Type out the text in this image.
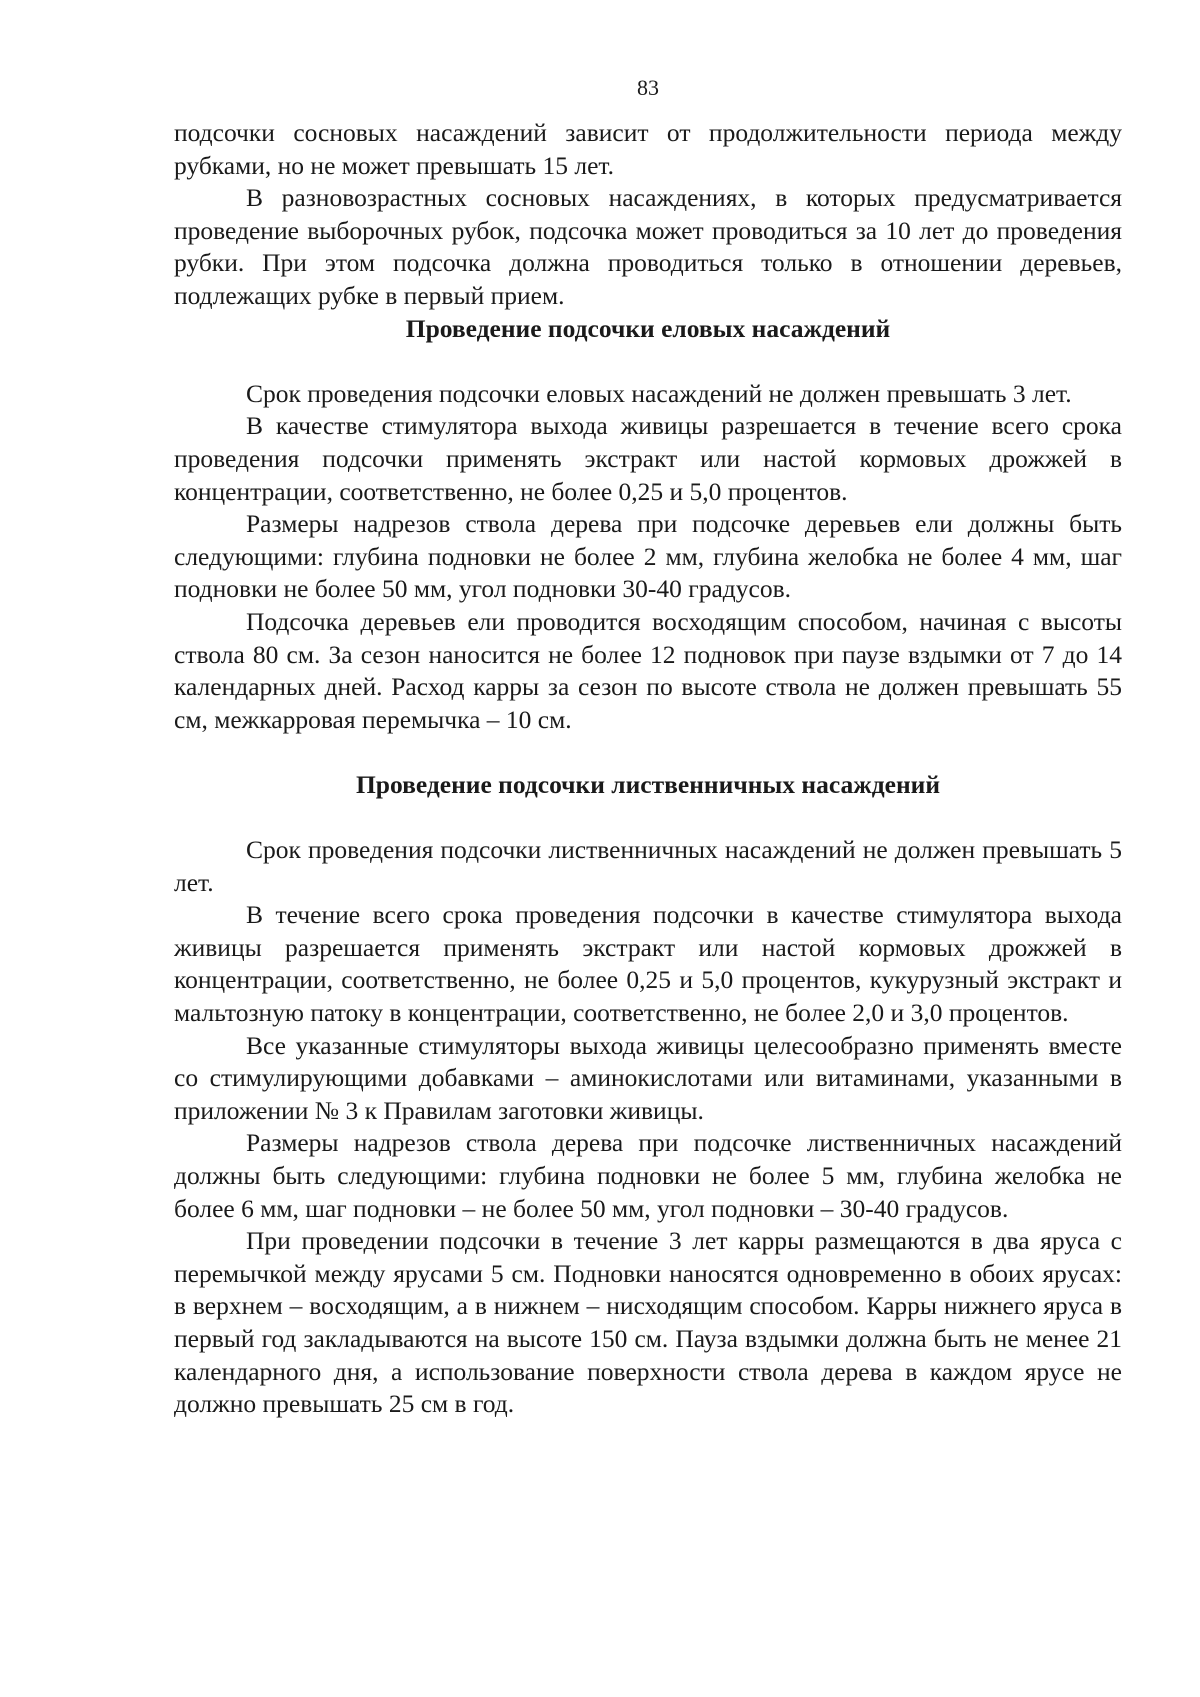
83

подсочки сосновых насаждений зависит от продолжительности периода между рубками, но не может превышать 15 лет.

В разновозрастных сосновых насаждениях, в которых предусматривается проведение выборочных рубок, подсочка может проводиться за 10 лет до проведения рубки. При этом подсочка должна проводиться только в отношении деревьев, подлежащих рубке в первый прием.

Проведение подсочки еловых насаждений

Срок проведения подсочки еловых насаждений не должен превышать 3 лет.

В качестве стимулятора выхода живицы разрешается в течение всего срока проведения подсочки применять экстракт или настой кормовых дрожжей в концентрации, соответственно, не более 0,25 и 5,0 процентов.

Размеры надрезов ствола дерева при подсочке деревьев ели должны быть следующими: глубина подновки не более 2 мм, глубина желобка не более 4 мм, шаг подновки не более 50 мм, угол подновки 30-40 градусов.

Подсочка деревьев ели проводится восходящим способом, начиная с высоты ствола 80 см. За сезон наносится не более 12 подновок при паузе вздымки от 7 до 14 календарных дней. Расход карры за сезон по высоте ствола не должен превышать 55 см, межкарровая перемычка – 10 см.

Проведение подсочки лиственничных насаждений

Срок проведения подсочки лиственничных насаждений не должен превышать 5 лет.

В течение всего срока проведения подсочки в качестве стимулятора выхода живицы разрешается применять экстракт или настой кормовых дрожжей в концентрации, соответственно, не более 0,25 и 5,0 процентов, кукурузный экстракт и мальтозную патоку в концентрации, соответственно, не более 2,0 и 3,0 процентов.

Все указанные стимуляторы выхода живицы целесообразно применять вместе со стимулирующими добавками – аминокислотами или витаминами, указанными в приложении № 3 к Правилам заготовки живицы.

Размеры надрезов ствола дерева при подсочке лиственничных насаждений должны быть следующими: глубина подновки не более 5 мм, глубина желобка не более 6 мм, шаг подновки – не более 50 мм, угол подновки – 30-40 градусов.

При проведении подсочки в течение 3 лет карры размещаются в два яруса с перемычкой между ярусами 5 см. Подновки наносятся одновременно в обоих ярусах: в верхнем – восходящим, а в нижнем – нисходящим способом. Карры нижнего яруса в первый год закладываются на высоте 150 см. Пауза вздымки должна быть не менее 21 календарного дня, а использование поверхности ствола дерева в каждом ярусе не должно превышать 25 см в год.
